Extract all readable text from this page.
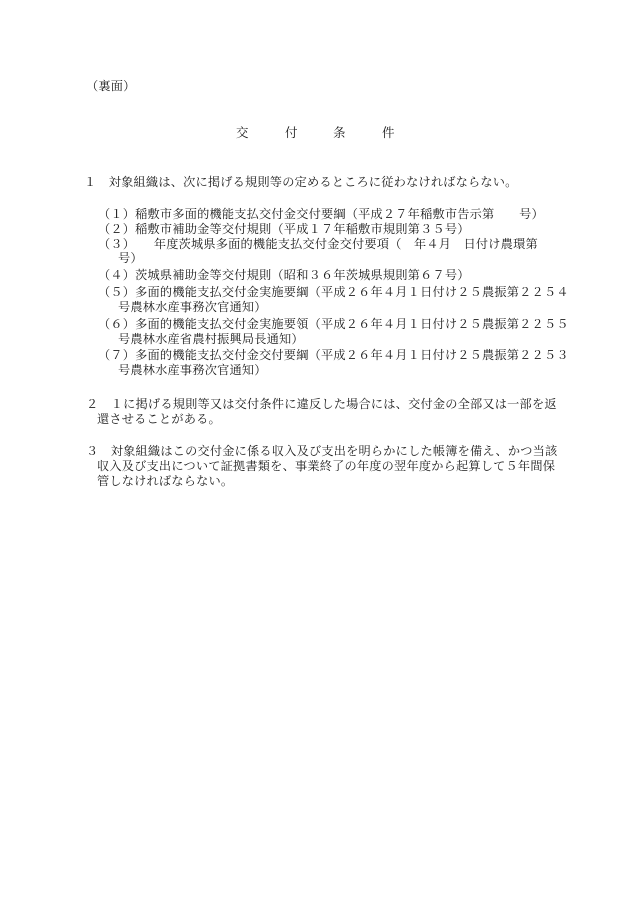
（裏面）
交	付	条	件
１　対象組織は、次に掲げる規則等の定めるところに従わなければならない。
（１）稲敷市多面的機能支払交付金交付要綱（平成２７年稲敷市告示第　　号）
（２）稲敷市補助金等交付規則（平成１７年稲敷市規則第３５号）
（３）　　年度茨城県多面的機能支払交付金交付要項（　年４月　日付け農環第
号）
（４）茨城県補助金等交付規則（昭和３６年茨城県規則第６７号）
（５）多面的機能支払交付金実施要綱（平成２６年４月１日付け２５農振第２２５４
号農林水産事務次官通知）
（６）多面的機能支払交付金実施要領（平成２６年４月１日付け２５農振第２２５５
号農林水産省農村振興局長通知）
（７）多面的機能支払交付金交付要綱（平成２６年４月１日付け２５農振第２２５３
号農林水産事務次官通知）
２　１に掲げる規則等又は交付条件に違反した場合には、交付金の全部又は一部を返
還させることがある。
３　対象組織はこの交付金に係る収入及び支出を明らかにした帳簿を備え、かつ当該
収入及び支出について証拠書類を、事業終了の年度の翌年度から起算して５年間保
管しなければならない。
